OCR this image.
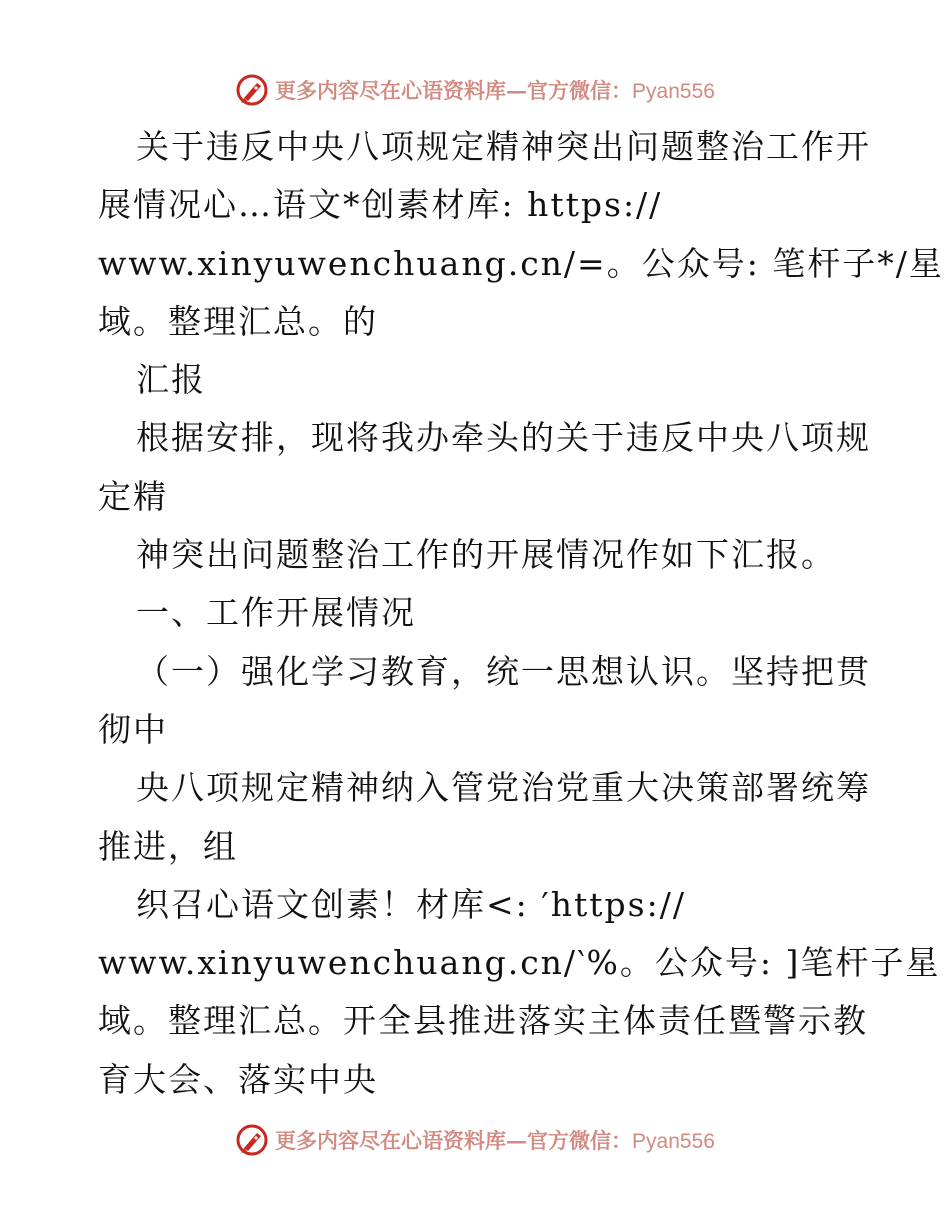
更多内容尽在心语资料库—官方微信：Pyan556
关于违反中央八项规定精神突出问题整治工作开
展情况心…语文*创素材库: https://
www.xinyuwenchuang.cn/=。公众号: 笔杆子*/星
域。整理汇总。的
汇报
根据安排，现将我办牵头的关于违反中央八项规
定精
神突出问题整治工作的开展情况作如下汇报。
一、工作开展情况
（一）强化学习教育，统一思想认识。坚持把贯
彻中
央八项规定精神纳入管党治党重大决策部署统筹
推进，组
织召心语文创素！材库<: ′https://
www.xinyuwenchuang.cn/‵%。公众号: ]笔杆子星
域。整理汇总。开全县推进落实主体责任暨警示教
育大会、落实中央
更多内容尽在心语资料库—官方微信：Pyan556
